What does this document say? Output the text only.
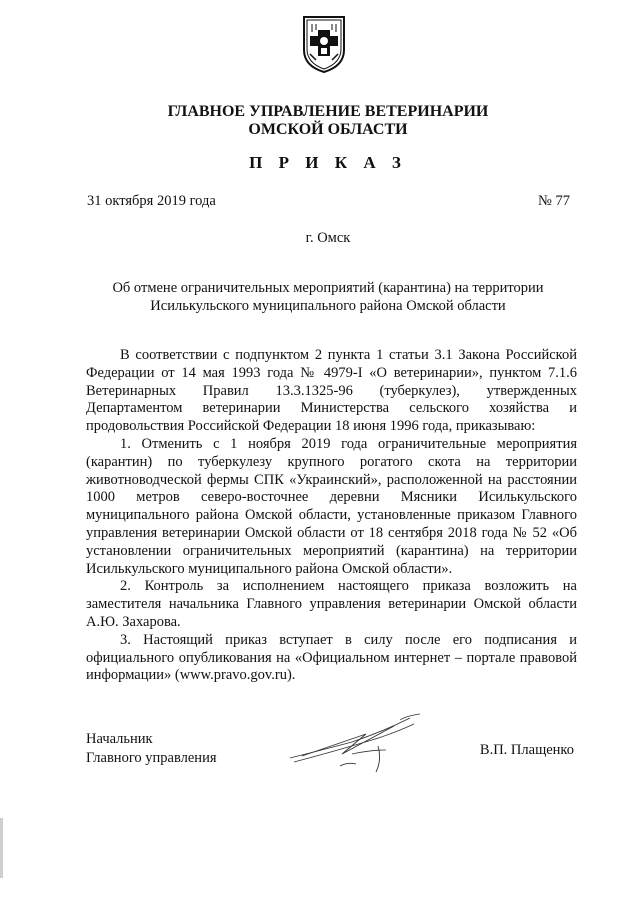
ГЛАВНОЕ УПРАВЛЕНИЕ ВЕТЕРИНАРИИ
ОМСКОЙ ОБЛАСТИ
П Р И К А З
31 октября 2019 года	№ 77
г. Омск
Об отмене ограничительных мероприятий (карантина) на территории
Исилькульского муниципального района Омской области

В соответствии с подпунктом 2 пункта 1 статьи 3.1 Закона Российской Федерации от 14 мая 1993 года № 4979-I «О ветеринарии», пунктом 7.1.6 Ветеринарных Правил 13.3.1325-96 (туберкулез), утвержденных Департаментом ветеринарии Министерства сельского хозяйства и продовольствия Российской Федерации 18 июня 1996 года, приказываю:

1. Отменить с 1 ноября 2019 года ограничительные мероприятия (карантин) по туберкулезу крупного рогатого скота на территории животноводческой фермы СПК «Украинский», расположенной на расстоянии 1000 метров северо-восточнее деревни Мясники Исилькульского муниципального района Омской области, установленные приказом Главного управления ветеринарии Омской области от 18 сентября 2018 года № 52 «Об установлении ограничительных мероприятий (карантина) на территории Исилькульского муниципального района Омской области».

2. Контроль за исполнением настоящего приказа возложить на заместителя начальника Главного управления ветеринарии Омской области А.Ю. Захарова.

3. Настоящий приказ вступает в силу после его подписания и официального опубликования на «Официальном интернет – портале правовой информации» (www.pravo.gov.ru).

Начальник
Главного управления	В.П. Плащенко
